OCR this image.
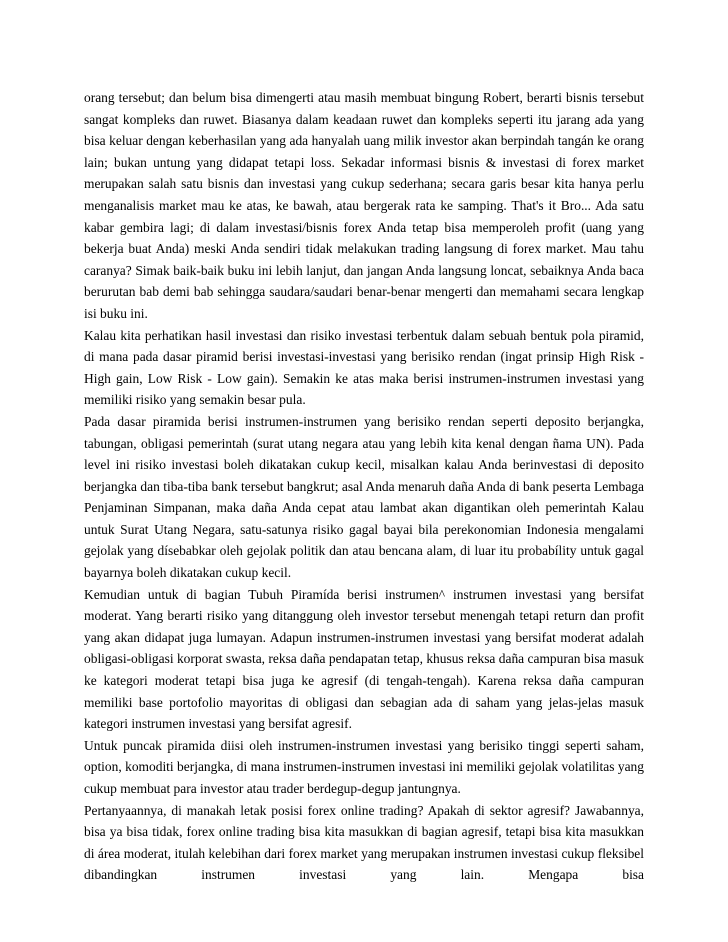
orang tersebut; dan belum bisa dimengerti atau masih membuat bingung Robert, berarti bisnis tersebut sangat kompleks dan ruwet. Biasanya dalam keadaan ruwet dan kompleks seperti itu jarang ada yang bisa keluar dengan keberhasilan yang ada hanyalah uang milik investor akan berpindah tangán ke orang lain; bukan untung yang didapat tetapi loss. Sekadar informasi bisnis & investasi di forex market merupakan salah satu bisnis dan investasi yang cukup sederhana; secara garis besar kita hanya perlu menganalisis market mau ke atas, ke bawah, atau bergerak rata ke samping. That's it Bro... Ada satu kabar gembira lagi; di dalam investasi/bisnis forex Anda tetap bisa memperoleh profit (uang yang bekerja buat Anda) meski Anda sendiri tidak melakukan trading langsung di forex market. Mau tahu caranya? Simak baik-baik buku ini lebih lanjut, dan jangan Anda langsung loncat, sebaiknya Anda baca berurutan bab demi bab sehingga saudara/saudari benar-benar mengerti dan memahami secara lengkap isi buku ini.

Kalau kita perhatikan hasil investasi dan risiko investasi terbentuk dalam sebuah bentuk pola piramid, di mana pada dasar piramid berisi investasi-investasi yang berisiko rendan (ingat prinsip High Risk - High gain, Low Risk - Low gain). Semakin ke atas maka berisi instrumen-instrumen investasi yang memiliki risiko yang semakin besar pula.

Pada dasar piramida berisi instrumen-instrumen yang berisiko rendan seperti deposito berjangka, tabungan, obligasi pemerintah (surat utang negara atau yang lebih kita kenal dengan ñama UN). Pada level ini risiko investasi boleh dikatakan cukup kecil, misalkan kalau Anda berinvestasi di deposito berjangka dan tiba-tiba bank tersebut bangkrut; asal Anda menaruh daña Anda di bank peserta Lembaga Penjaminan Simpanan, maka daña Anda cepat atau lambat akan digantikan oleh pemerintah Kalau untuk Surat Utang Negara, satu-satunya risiko gagal bayai bila perekonomian Indonesia mengalami gejolak yang dísebabkar oleh gejolak politik dan atau bencana alam, di luar itu probabílity untuk gagal bayarnya boleh dikatakan cukup kecil.

Kemudian untuk di bagian Tubuh Piramída berisi instrumen^ instrumen investasi yang bersifat moderat. Yang berarti risiko yang ditanggung oleh investor tersebut menengah tetapi return dan profit yang akan didapat juga lumayan. Adapun instrumen-instrumen investasi yang bersifat moderat adalah obligasi-obligasi korporat swasta, reksa daña pendapatan tetap, khusus reksa daña campuran bisa masuk ke kategori moderat tetapi bisa juga ke agresif (di tengah-tengah). Karena reksa daña campuran memiliki base portofolio mayoritas di obligasi dan sebagian ada di saham yang jelas-jelas masuk kategori instrumen investasi yang bersifat agresif.

Untuk puncak piramida diisi oleh instrumen-instrumen investasi yang berisiko tinggi seperti saham, option, komoditi berjangka, di mana instrumen-instrumen investasi ini memiliki gejolak volatilitas yang cukup membuat para investor atau trader berdegup-degup jantungnya.

Pertanyaannya, di manakah letak posisi forex online trading? Apakah di sektor agresif? Jawabannya, bisa ya bisa tidak, forex online trading bisa kita masukkan di bagian agresif, tetapi bisa kita masukkan di área moderat, itulah kelebihan dari forex market yang merupakan instrumen investasi cukup fleksibel dibandingkan instrumen investasi yang lain. Mengapa bisa
